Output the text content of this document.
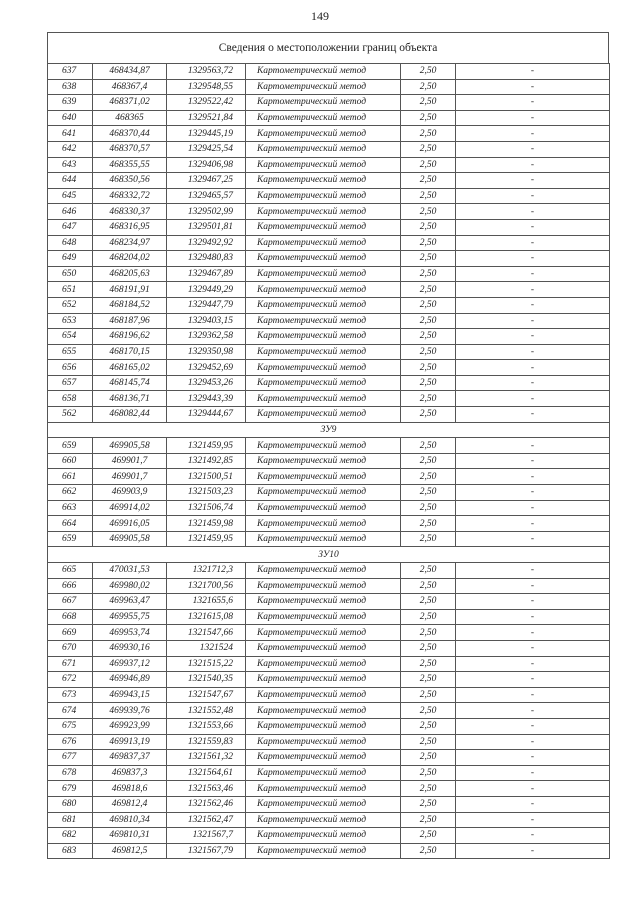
149
Сведения о местоположении границ объекта
637	468434,87	1329563,72	Картометрический метод	2,50	-
638	468367,4	1329548,55	Картометрический метод	2,50	-
639	468371,02	1329522,42	Картометрический метод	2,50	-
640	468365	1329521,84	Картометрический метод	2,50	-
641	468370,44	1329445,19	Картометрический метод	2,50	-
642	468370,57	1329425,54	Картометрический метод	2,50	-
643	468355,55	1329406,98	Картометрический метод	2,50	-
644	468350,56	1329467,25	Картометрический метод	2,50	-
645	468332,72	1329465,57	Картометрический метод	2,50	-
646	468330,37	1329502,99	Картометрический метод	2,50	-
647	468316,95	1329501,81	Картометрический метод	2,50	-
648	468234,97	1329492,92	Картометрический метод	2,50	-
649	468204,02	1329480,83	Картометрический метод	2,50	-
650	468205,63	1329467,89	Картометрический метод	2,50	-
651	468191,91	1329449,29	Картометрический метод	2,50	-
652	468184,52	1329447,79	Картометрический метод	2,50	-
653	468187,96	1329403,15	Картометрический метод	2,50	-
654	468196,62	1329362,58	Картометрический метод	2,50	-
655	468170,15	1329350,98	Картометрический метод	2,50	-
656	468165,02	1329452,69	Картометрический метод	2,50	-
657	468145,74	1329453,26	Картометрический метод	2,50	-
658	468136,71	1329443,39	Картометрический метод	2,50	-
562	468082,44	1329444,67	Картометрический метод	2,50	-
ЗУ9					
659	469905,58	1321459,95	Картометрический метод	2,50	-
660	469901,7	1321492,85	Картометрический метод	2,50	-
661	469901,7	1321500,51	Картометрический метод	2,50	-
662	469903,9	1321503,23	Картометрический метод	2,50	-
663	469914,02	1321506,74	Картометрический метод	2,50	-
664	469916,05	1321459,98	Картометрический метод	2,50	-
659	469905,58	1321459,95	Картометрический метод	2,50	-
ЗУ10					
665	470031,53	1321712,3	Картометрический метод	2,50	-
666	469980,02	1321700,56	Картометрический метод	2,50	-
667	469963,47	1321655,6	Картометрический метод	2,50	-
668	469955,75	1321615,08	Картометрический метод	2,50	-
669	469953,74	1321547,66	Картометрический метод	2,50	-
670	469930,16	1321524	Картометрический метод	2,50	-
671	469937,12	1321515,22	Картометрический метод	2,50	-
672	469946,89	1321540,35	Картометрический метод	2,50	-
673	469943,15	1321547,67	Картометрический метод	2,50	-
674	469939,76	1321552,48	Картометрический метод	2,50	-
675	469923,99	1321553,66	Картометрический метод	2,50	-
676	469913,19	1321559,83	Картометрический метод	2,50	-
677	469837,37	1321561,32	Картометрический метод	2,50	-
678	469837,3	1321564,61	Картометрический метод	2,50	-
679	469818,6	1321563,46	Картометрический метод	2,50	-
680	469812,4	1321562,46	Картометрический метод	2,50	-
681	469810,34	1321562,47	Картометрический метод	2,50	-
682	469810,31	1321567,7	Картометрический метод	2,50	-
683	469812,5	1321567,79	Картометрический метод	2,50	-
